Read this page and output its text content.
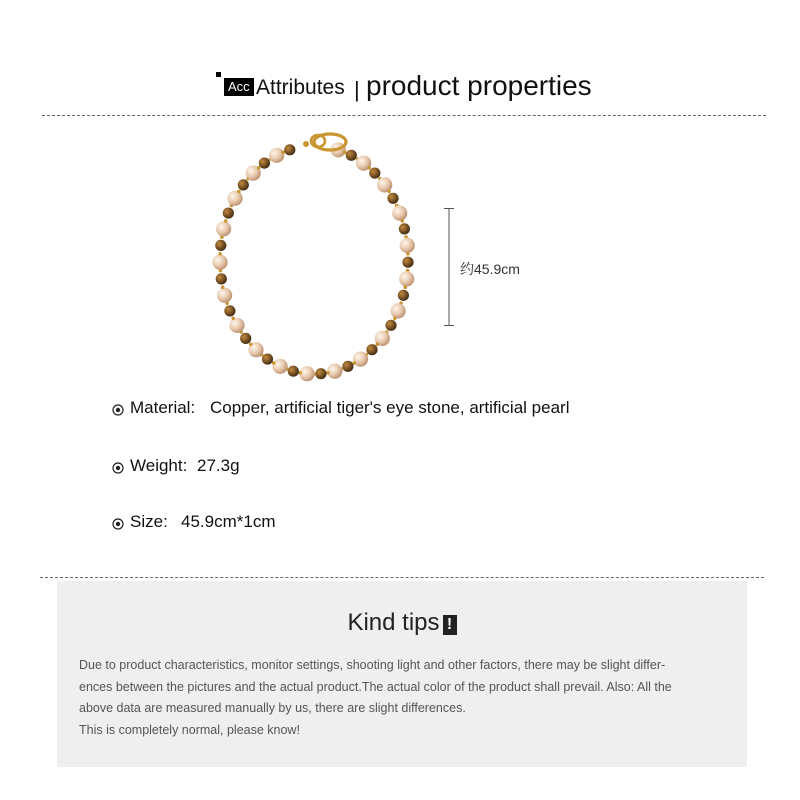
Acc Attributes | product properties
约45.9cm
Material: Copper, artificial tiger's eye stone, artificial pearl
Weight: 27.3g
Size: 45.9cm*1cm
Kind tips !
Due to product characteristics, monitor settings, shooting light and other factors, there may be slight differ-
ences between the pictures and the actual product.The actual color of the product shall prevail. Also: All the
above data are measured manually by us, there are slight differences.
This is completely normal, please know!
